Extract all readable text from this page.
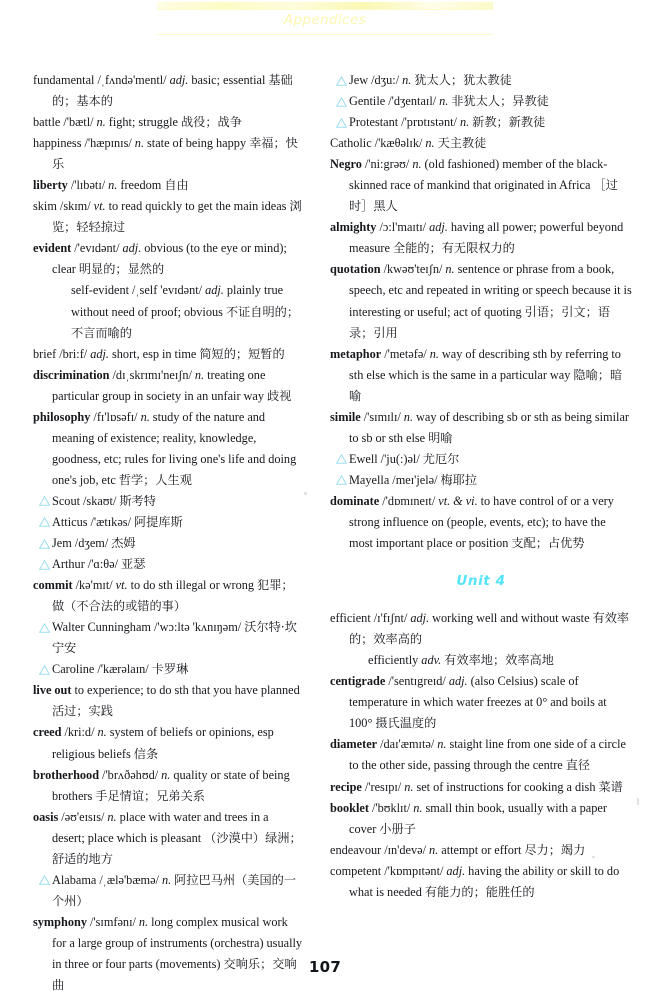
Appendices
fundamental /ˌfʌndə'mentl/ adj. basic; essential 基础的；基本的
battle /'bætl/ n. fight; struggle 战役；战争
happiness /'hæpɪnɪs/ n. state of being happy 幸福；快乐
liberty /'lɪbətɪ/ n. freedom 自由
skim /skɪm/ vt. to read quickly to get the main ideas 浏览；轻轻掠过
evident /'evɪdənt/ adj. obvious (to the eye or mind); clear 明显的；显然的
self-evident /ˌself 'evɪdənt/ adj. plainly true without need of proof; obvious 不证自明的；不言而喻的
brief /bri:f/ adj. short, esp in time 简短的；短暂的
discrimination /dɪˌskrɪmɪ'neɪʃn/ n. treating one particular group in society in an unfair way 歧视
philosophy /fɪ'lɒsəfɪ/ n. study of the nature and meaning of existence; reality, knowledge, goodness, etc; rules for living one's life and doing one's job, etc 哲学；人生观
Scout /skaʊt/ 斯考特
Atticus /'ætɪkəs/ 阿提库斯
Jem /dʒem/ 杰姆
Arthur /'ɑ:θə/ 亚瑟
commit /kə'mɪt/ vt. to do sth illegal or wrong 犯罪；做（不合法的或错的事）
Walter Cunningham /'wɔ:ltə 'kʌnɪŋəm/ 沃尔特·坎宁安
Caroline /'kærəlaɪn/ 卡罗琳
live out to experience; to do sth that you have planned 活过；实践
creed /kri:d/ n. system of beliefs or opinions, esp religious beliefs 信条
brotherhood /'brʌðəhʊd/ n. quality or state of being brothers 手足情谊；兄弟关系
oasis /əʊ'eɪsɪs/ n. place with water and trees in a desert; place which is pleasant （沙漠中）绿洲；舒适的地方
Alabama /ˌælə'bæmə/ n. 阿拉巴马州（美国的一个州）
symphony /'sɪmfənɪ/ n. long complex musical work for a large group of instruments (orchestra) usually in three or four parts (movements) 交响乐；交响曲
Jew /dʒu:/ n. 犹太人；犹太教徒
Gentile /'dʒentaɪl/ n. 非犹太人；异教徒
Protestant /'prɒtɪstənt/ n. 新教；新教徒
Catholic /'kæθəlɪk/ n. 天主教徒
Negro /'ni:grəʊ/ n. (old fashioned) member of the black-skinned race of mankind that originated in Africa ［过时］黑人
almighty /ɔ:l'maɪtɪ/ adj. having all power; powerful beyond measure 全能的；有无限权力的
quotation /kwəʊ'teɪʃn/ n. sentence or phrase from a book, speech, etc and repeated in writing or speech because it is interesting or useful; act of quoting 引语；引文；语录；引用
metaphor /'metəfə/ n. way of describing sth by referring to sth else which is the same in a particular way 隐喻；暗喻
simile /'sɪmɪlɪ/ n. way of describing sb or sth as being similar to sb or sth else 明喻
Ewell /'ju(:)əl/ 尤厄尔
Mayella /meɪ'jelə/ 梅耶拉
dominate /'dɒmɪneɪt/ vt. & vi. to have control of or a very strong influence on (people, events, etc); to have the most important place or position 支配；占优势
Unit 4
efficient /ɪ'fɪʃnt/ adj. working well and without waste 有效率的；效率高的
efficiently adv. 有效率地；效率高地
centigrade /'sentɪgreɪd/ adj. (also Celsius) scale of temperature in which water freezes at 0° and boils at 100° 摄氏温度的
diameter /daɪ'æmɪtə/ n. staight line from one side of a circle to the other side, passing through the centre 直径
recipe /'resɪpɪ/ n. set of instructions for cooking a dish 菜谱
booklet /'bʊklɪt/ n. small thin book, usually with a paper cover 小册子
endeavour /ɪn'devə/ n. attempt or effort 尽力；竭力
competent /'kɒmpɪtənt/ adj. having the ability or skill to do what is needed 有能力的；能胜任的
107
